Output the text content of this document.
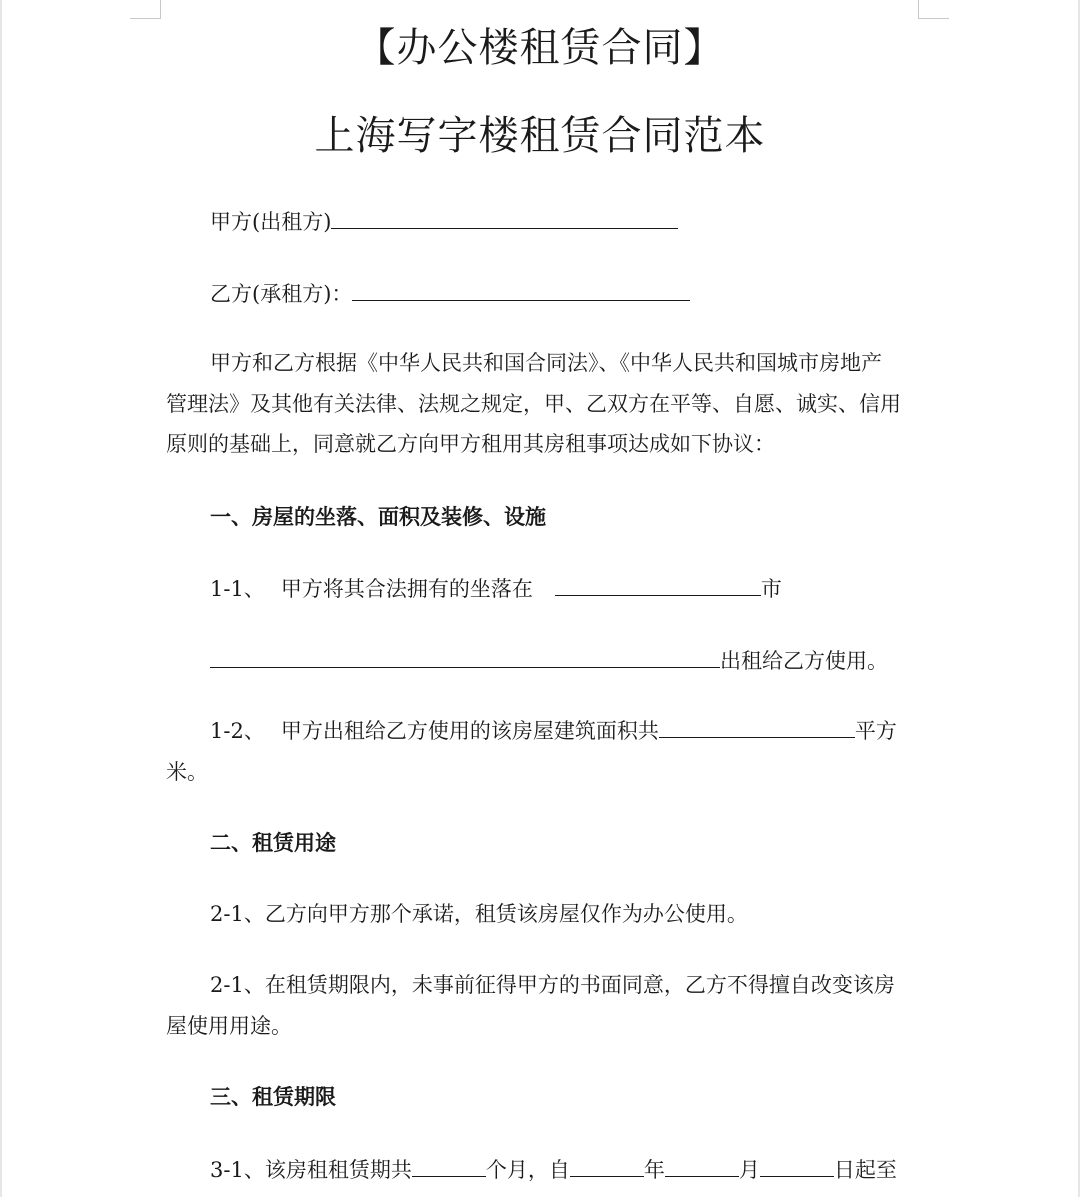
【办公楼租赁合同】
上海写字楼租赁合同范本
甲方(出租方)
乙方(承租方)：
甲方和乙方根据《中华人民共和国合同法》、《中华人民共和国城市房地产
管理法》及其他有关法律、法规之规定，甲、乙双方在平等、自愿、诚实、信用
原则的基础上，同意就乙方向甲方租用其房租事项达成如下协议：
一、房屋的坐落、面积及装修、设施
1-1、 甲方将其合法拥有的坐落在	市
出租给乙方使用。
1-2、 甲方出租给乙方使用的该房屋建筑面积共	平方
米。
二、租赁用途
2-1、乙方向甲方那个承诺，租赁该房屋仅作为办公使用。
2-1、在租赁期限内，未事前征得甲方的书面同意，乙方不得擅自改变该房
屋使用用途。
三、租赁期限
3-1、该房租租赁期共	个月，自	年	月	日起至
